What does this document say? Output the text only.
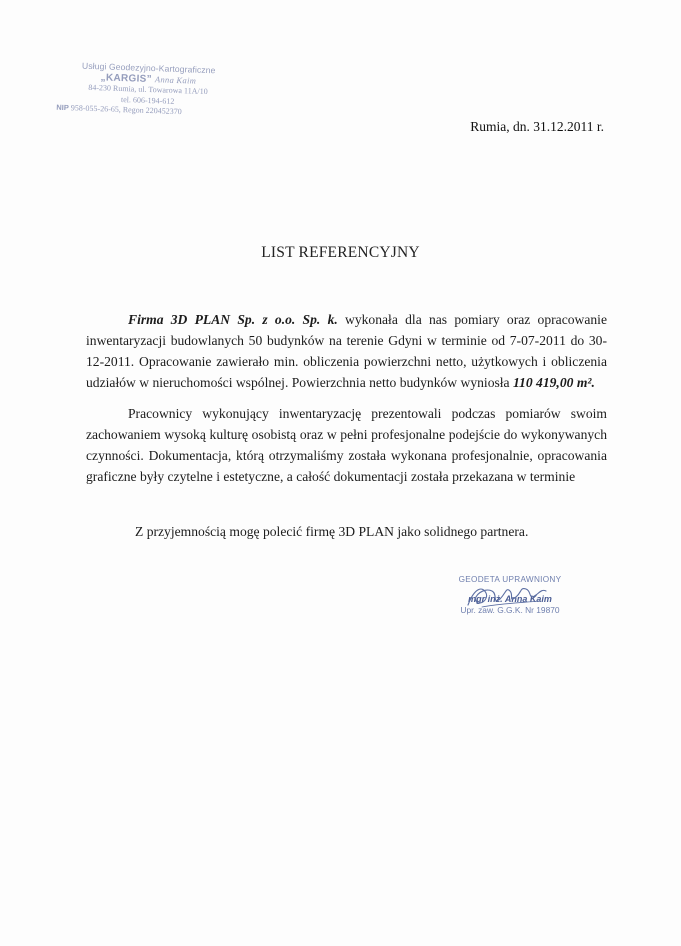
Usługi Geodezyjno-Kartograficzne
„KARGIS” Anna Kaim
84-230 Rumia, ul. Towarowa 11A/10
tel. 606-194-612
NIP 958-055-26-65, Regon 220452370
Rumia, dn. 31.12.2011 r.
LIST REFERENCYJNY

Firma 3D PLAN Sp. z o.o. Sp. k. wykonała dla nas pomiary oraz opracowanie inwentaryzacji budowlanych 50 budynków na terenie Gdyni w terminie od 7-07-2011 do 30-12-2011. Opracowanie zawierało min. obliczenia powierzchni netto, użytkowych i obliczenia udziałów w nieruchomości wspólnej. Powierzchnia netto budynków wyniosła 110 419,00 m².

Pracownicy wykonujący inwentaryzację prezentowali podczas pomiarów swoim zachowaniem wysoką kulturę osobistą oraz w pełni profesjonalne podejście do wykonywanych czynności. Dokumentacja, którą otrzymaliśmy została wykonana profesjonalnie, opracowania graficzne były czytelne i estetyczne, a całość dokumentacji została przekazana w terminie

Z przyjemnością mogę polecić firmę 3D PLAN jako solidnego partnera.
GEODETA UPRAWNIONY
mgr inż. Anna Kaim
Upr. zaw. G.G.K. Nr 19870
